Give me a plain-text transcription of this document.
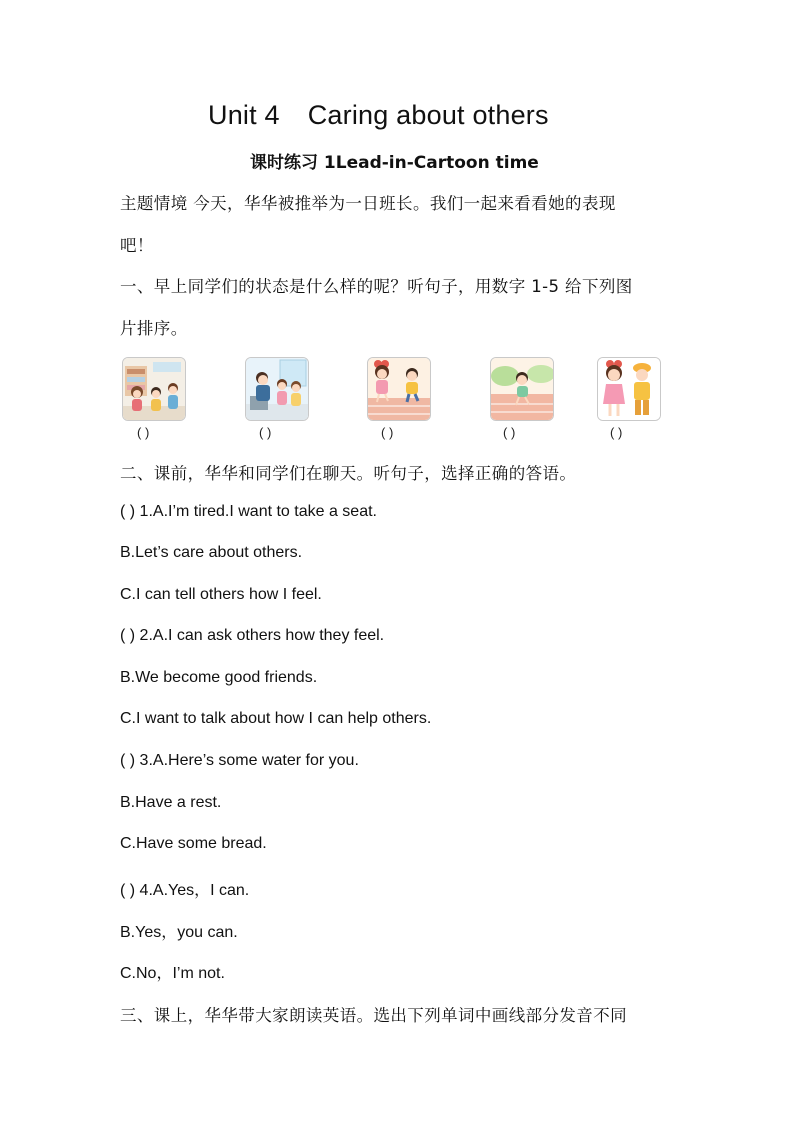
Unit 4 Caring about others
课时练习 1Lead-in-Cartoon time
主题情境 今天，华华被推举为一日班长。我们一起来看看她的表现
吧！
一、早上同学们的状态是什么样的呢？听句子，用数字 1-5 给下列图
片排序。
( )	( )	( )	( )	( )
二、课前，华华和同学们在聊天。听句子，选择正确的答语。
( ) 1.A.I’m tired.I want to take a seat.
B.Let’s care about others.
C.I can tell others how I feel.
( ) 2.A.I can ask others how they feel.
B.We become good friends.
C.I want to talk about how I can help others.
( ) 3.A.Here’s some water for you.
B.Have a rest.
C.Have some bread.
( ) 4.A.Yes，I can.
B.Yes，you can.
C.No，I’m not.
三、课上，华华带大家朗读英语。选出下列单词中画线部分发音不同
